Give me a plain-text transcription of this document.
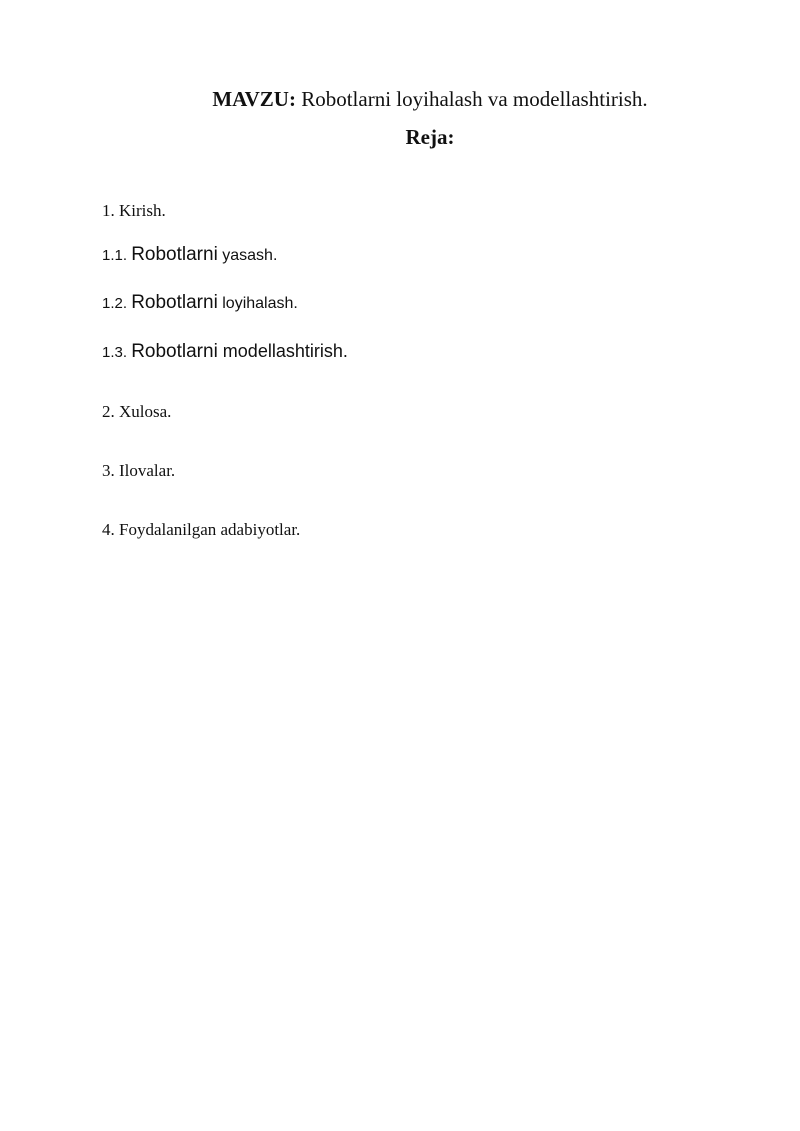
MAVZU: Robotlarni loyihalash va modellashtirish.
Reja:
1. Kirish.
1.1. Robotlarni yasash.
1.2. Robotlarni loyihalash.
1.3. Robotlarni modellashtirish.
2. Xulosa.
3. Ilovalar.
4. Foydalanilgan adabiyotlar.
